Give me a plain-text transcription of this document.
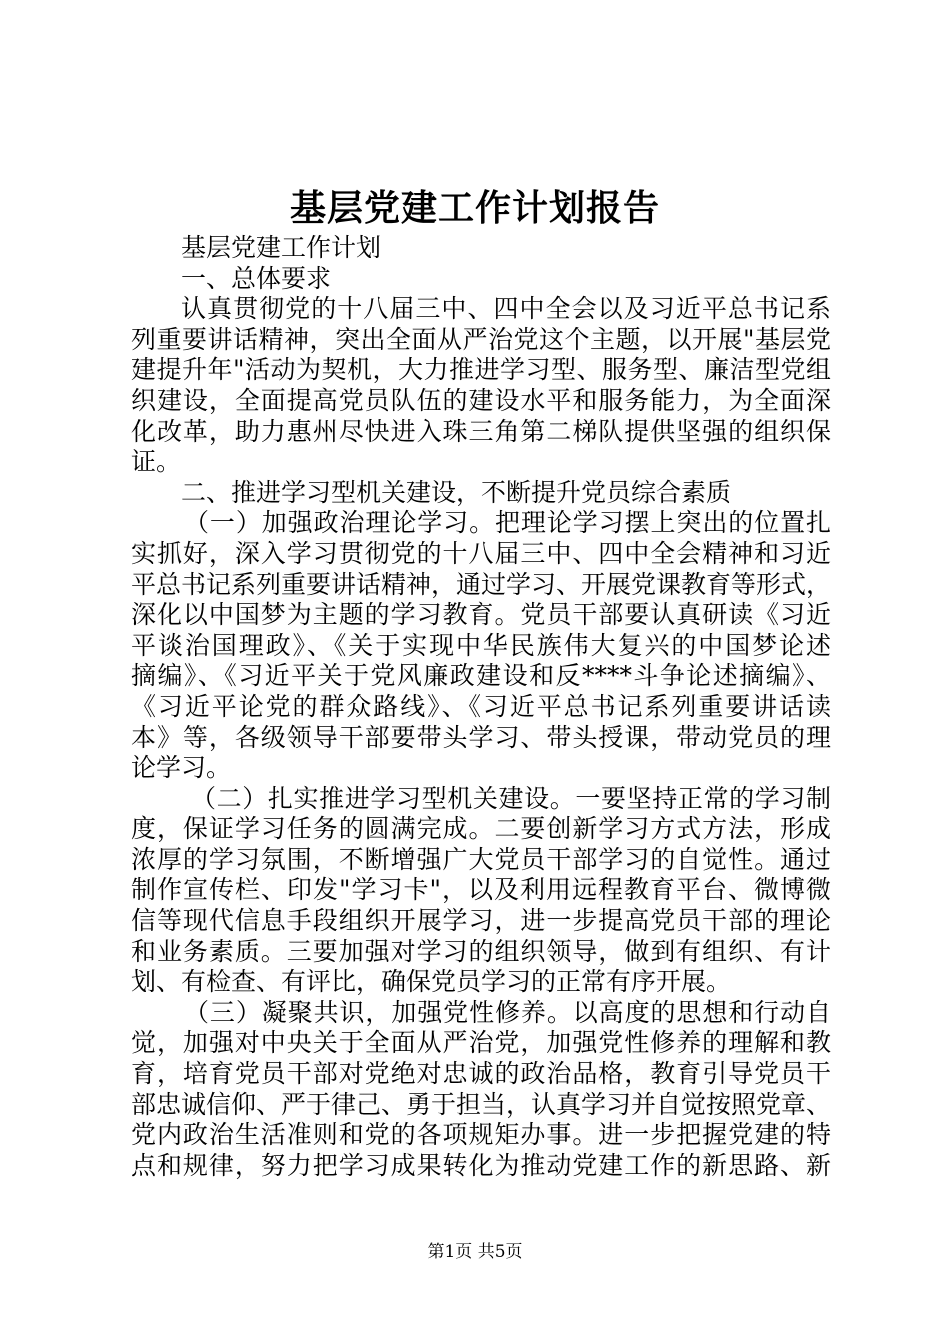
基层党建工作计划报告
基层党建工作计划
一、总体要求
认真贯彻党的十八届三中、四中全会以及习近平总书记系
列重要讲话精神，突出全面从严治党这个主题，以开展"基层党
建提升年"活动为契机，大力推进学习型、服务型、廉洁型党组
织建设，全面提高党员队伍的建设水平和服务能力，为全面深
化改革，助力惠州尽快进入珠三角第二梯队提供坚强的组织保
证。
二、推进学习型机关建设，不断提升党员综合素质
（一）加强政治理论学习。把理论学习摆上突出的位置扎
实抓好，深入学习贯彻党的十八届三中、四中全会精神和习近
平总书记系列重要讲话精神，通过学习、开展党课教育等形式，
深化以中国梦为主题的学习教育。党员干部要认真研读《习近
平谈治国理政》、《关于实现中华民族伟大复兴的中国梦论述
摘编》、《习近平关于党风廉政建设和反****斗争论述摘编》、
《习近平论党的群众路线》、《习近平总书记系列重要讲话读
本》等，各级领导干部要带头学习、带头授课，带动党员的理
论学习。
（二）扎实推进学习型机关建设。一要坚持正常的学习制
度，保证学习任务的圆满完成。二要创新学习方式方法，形成
浓厚的学习氛围，不断增强广大党员干部学习的自觉性。通过
制作宣传栏、印发"学习卡"，以及利用远程教育平台、微博微
信等现代信息手段组织开展学习，进一步提高党员干部的理论
和业务素质。三要加强对学习的组织领导，做到有组织、有计
划、有检查、有评比，确保党员学习的正常有序开展。
（三）凝聚共识，加强党性修养。以高度的思想和行动自
觉，加强对中央关于全面从严治党，加强党性修养的理解和教
育，培育党员干部对党绝对忠诚的政治品格，教育引导党员干
部忠诚信仰、严于律己、勇于担当，认真学习并自觉按照党章、
党内政治生活准则和党的各项规矩办事。进一步把握党建的特
点和规律，努力把学习成果转化为推动党建工作的新思路、新
第1页 共5页
